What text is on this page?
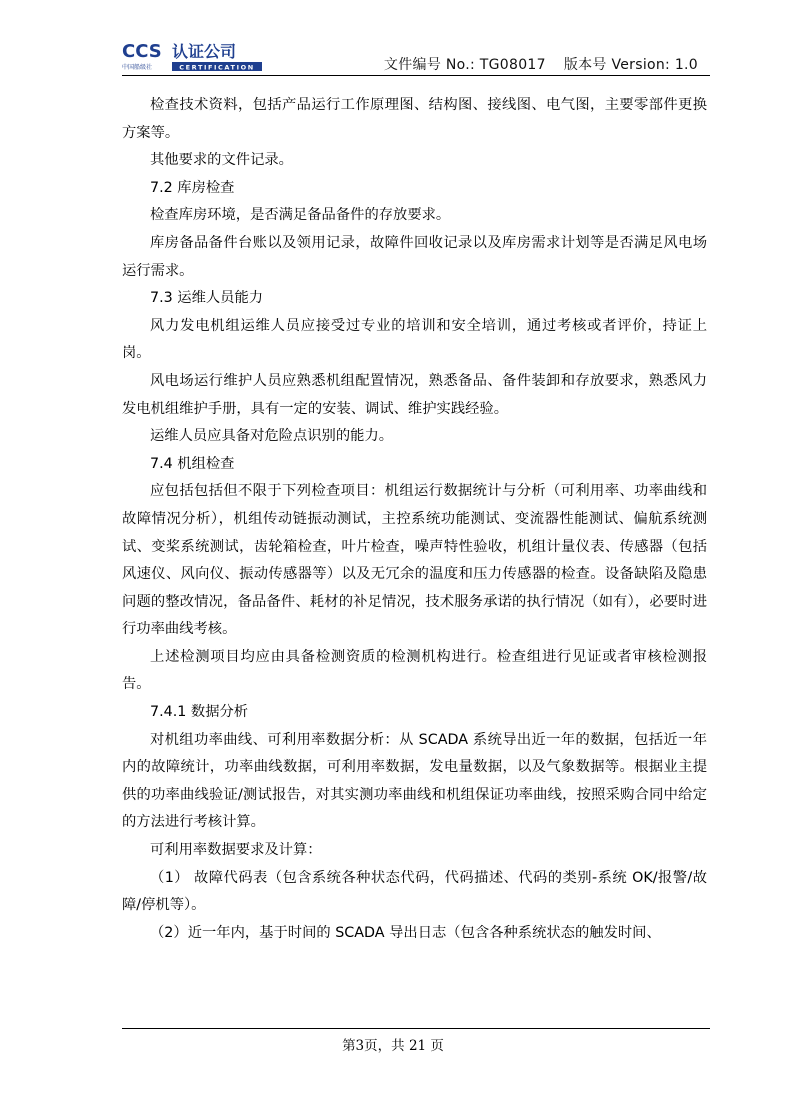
CCS 认证公司
中国船级社	CERTIFICATION	文件编号 No.: TG08017 版本号 Version: 1.0

检查技术资料，包括产品运行工作原理图、结构图、接线图、电气图，主要零部件更换方案等。

其他要求的文件记录。

7.2 库房检查

检查库房环境，是否满足备品备件的存放要求。

库房备品备件台账以及领用记录，故障件回收记录以及库房需求计划等是否满足风电场运行需求。

7.3 运维人员能力

风力发电机组运维人员应接受过专业的培训和安全培训，通过考核或者评价，持证上岗。

风电场运行维护人员应熟悉机组配置情况，熟悉备品、备件装卸和存放要求，熟悉风力发电机组维护手册，具有一定的安装、调试、维护实践经验。

运维人员应具备对危险点识别的能力。

7.4 机组检查

应包括包括但不限于下列检查项目：机组运行数据统计与分析（可利用率、功率曲线和故障情况分析），机组传动链振动测试，主控系统功能测试、变流器性能测试、偏航系统测试、变桨系统测试，齿轮箱检查，叶片检查，噪声特性验收，机组计量仪表、传感器（包括风速仪、风向仪、振动传感器等）以及无冗余的温度和压力传感器的检查。设备缺陷及隐患问题的整改情况，备品备件、耗材的补足情况，技术服务承诺的执行情况（如有），必要时进行功率曲线考核。

上述检测项目均应由具备检测资质的检测机构进行。检查组进行见证或者审核检测报告。

7.4.1 数据分析

对机组功率曲线、可利用率数据分析：从 SCADA 系统导出近一年的数据，包括近一年内的故障统计，功率曲线数据，可利用率数据，发电量数据，以及气象数据等。根据业主提供的功率曲线验证/测试报告，对其实测功率曲线和机组保证功率曲线，按照采购合同中给定的方法进行考核计算。

可利用率数据要求及计算：

（1） 故障代码表（包含系统各种状态代码，代码描述、代码的类别-系统 OK/报警/故障/停机等）。

（2）近一年内，基于时间的 SCADA 导出日志（包含各种系统状态的触发时间、

第3页，共 21 页
